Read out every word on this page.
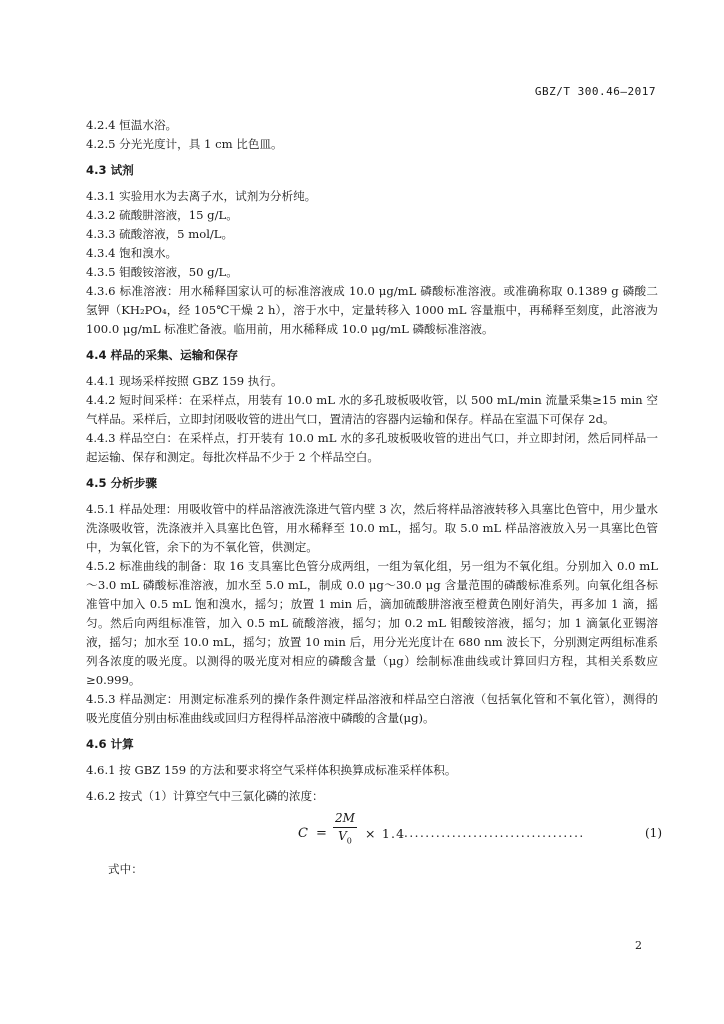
GBZ/T 300.46—2017

4.2.4 恒温水浴。

4.2.5 分光光度计，具 1 cm 比色皿。

4.3 试剂

4.3.1 实验用水为去离子水，试剂为分析纯。

4.3.2 硫酸肼溶液，15 g/L。

4.3.3 硫酸溶液，5 mol/L。

4.3.4 饱和溴水。

4.3.5 钼酸铵溶液，50 g/L。

4.3.6 标准溶液：用水稀释国家认可的标准溶液成 10.0 μg/mL 磷酸标准溶液。或准确称取 0.1389 g 磷酸二氢钾（KH₂PO₄，经 105℃干燥 2 h），溶于水中，定量转移入 1000 mL 容量瓶中，再稀释至刻度，此溶液为 100.0 μg/mL 标准贮备液。临用前，用水稀释成 10.0 μg/mL 磷酸标准溶液。

4.4 样品的采集、运输和保存

4.4.1 现场采样按照 GBZ 159 执行。

4.4.2 短时间采样：在采样点，用装有 10.0 mL 水的多孔玻板吸收管，以 500 mL/min 流量采集≥15 min 空气样品。采样后，立即封闭吸收管的进出气口，置清洁的容器内运输和保存。样品在室温下可保存 2d。

4.4.3 样品空白：在采样点，打开装有 10.0 mL 水的多孔玻板吸收管的进出气口，并立即封闭，然后同样品一起运输、保存和测定。每批次样品不少于 2 个样品空白。

4.5 分析步骤

4.5.1 样品处理：用吸收管中的样品溶液洗涤进气管内壁 3 次，然后将样品溶液转移入具塞比色管中，用少量水洗涤吸收管，洗涤液并入具塞比色管，用水稀释至 10.0 mL，摇匀。取 5.0 mL 样品溶液放入另一具塞比色管中，为氧化管，余下的为不氧化管，供测定。

4.5.2 标准曲线的制备：取 16 支具塞比色管分成两组，一组为氧化组，另一组为不氧化组。分别加入 0.0 mL～3.0 mL 磷酸标准溶液，加水至 5.0 mL，制成 0.0 μg～30.0 μg 含量范围的磷酸标准系列。向氧化组各标准管中加入 0.5 mL 饱和溴水，摇匀；放置 1 min 后，滴加硫酸肼溶液至橙黄色刚好消失，再多加 1 滴，摇匀。然后向两组标准管，加入 0.5 mL 硫酸溶液，摇匀；加 0.2 mL 钼酸铵溶液，摇匀；加 1 滴氯化亚锡溶液，摇匀；加水至 10.0 mL，摇匀；放置 10 min 后，用分光光度计在 680 nm 波长下，分别测定两组标准系列各浓度的吸光度。以测得的吸光度对相应的磷酸含量（μg）绘制标准曲线或计算回归方程，其相关系数应≥0.999。

4.5.3 样品测定：用测定标准系列的操作条件测定样品溶液和样品空白溶液（包括氧化管和不氧化管），测得的吸光度值分别由标准曲线或回归方程得样品溶液中磷酸的含量(μg)。

4.6 计算

4.6.1 按 GBZ 159 的方法和要求将空气采样体积换算成标准采样体积。

4.6.2 按式（1）计算空气中三氯化磷的浓度：

$C = \frac{2M}{V_0} \times 1.4$
..................................	(1)

式中：

2
